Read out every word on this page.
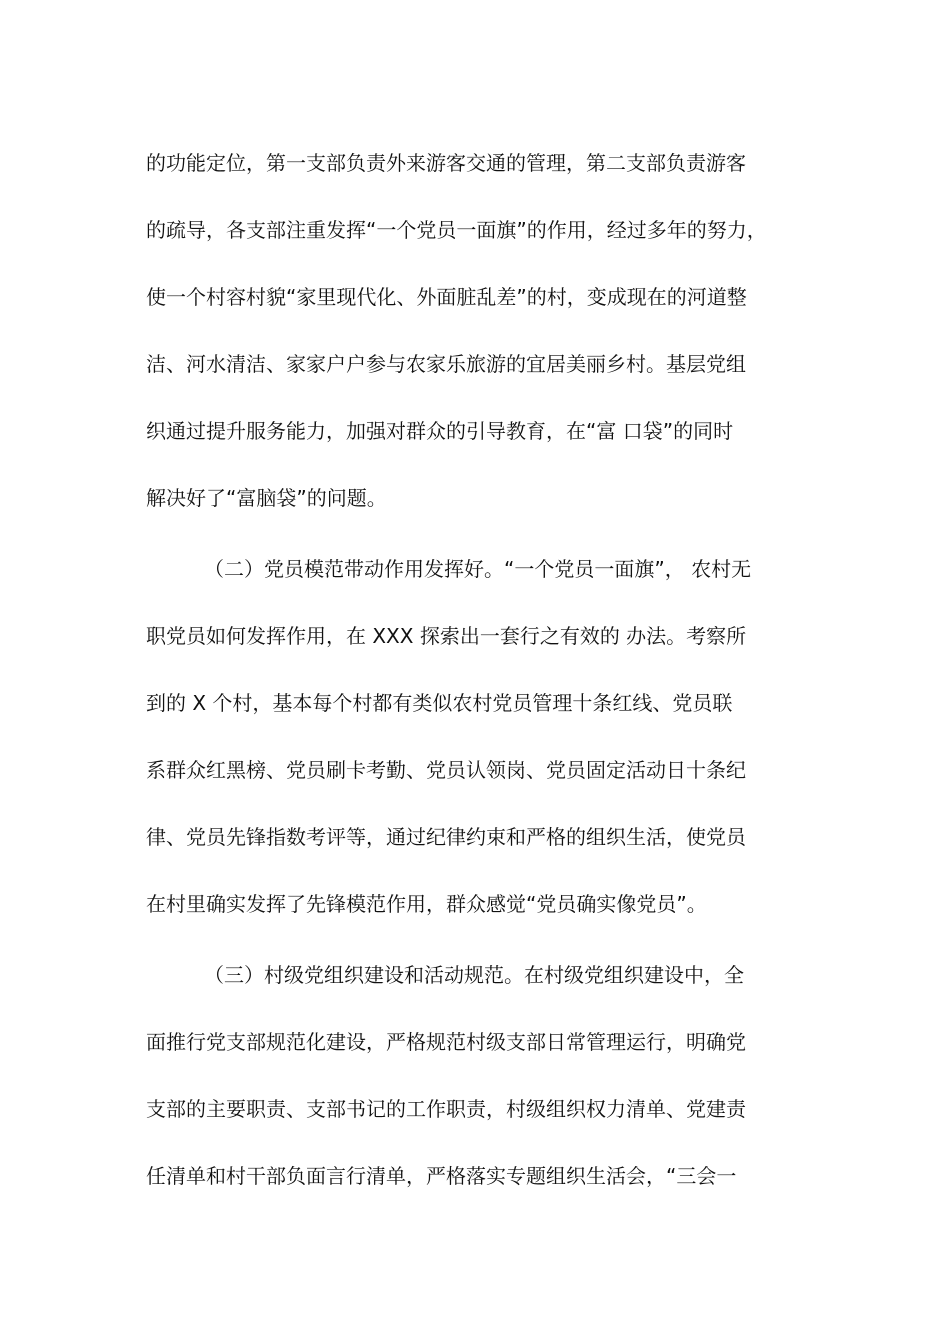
的功能定位，第一支部负责外来游客交通的管理，第二支部负责游客
的疏导，各支部注重发挥“一个党员一面旗”的作用，经过多年的努力，
使一个村容村貌“家里现代化、外面脏乱差”的村，变成现在的河道整
洁、河水清洁、家家户户参与农家乐旅游的宜居美丽乡村。基层党组
织通过提升服务能力，加强对群众的引导教育，在“富 口袋”的同时
解决好了“富脑袋”的问题。
（二）党员模范带动作用发挥好。“一个党员一面旗”， 农村无
职党员如何发挥作用，在 XXX 探索出一套行之有效的 办法。考察所
到的 X 个村，基本每个村都有类似农村党员管理十条红线、党员联
系群众红黑榜、党员刷卡考勤、党员认领岗、党员固定活动日十条纪
律、党员先锋指数考评等，通过纪律约束和严格的组织生活，使党员
在村里确实发挥了先锋模范作用，群众感觉“党员确实像党员”。
（三）村级党组织建设和活动规范。在村级党组织建设中，全
面推行党支部规范化建设，严格规范村级支部日常管理运行，明确党
支部的主要职责、支部书记的工作职责，村级组织权力清单、党建责
任清单和村干部负面言行清单，严格落实专题组织生活会，“三会一
